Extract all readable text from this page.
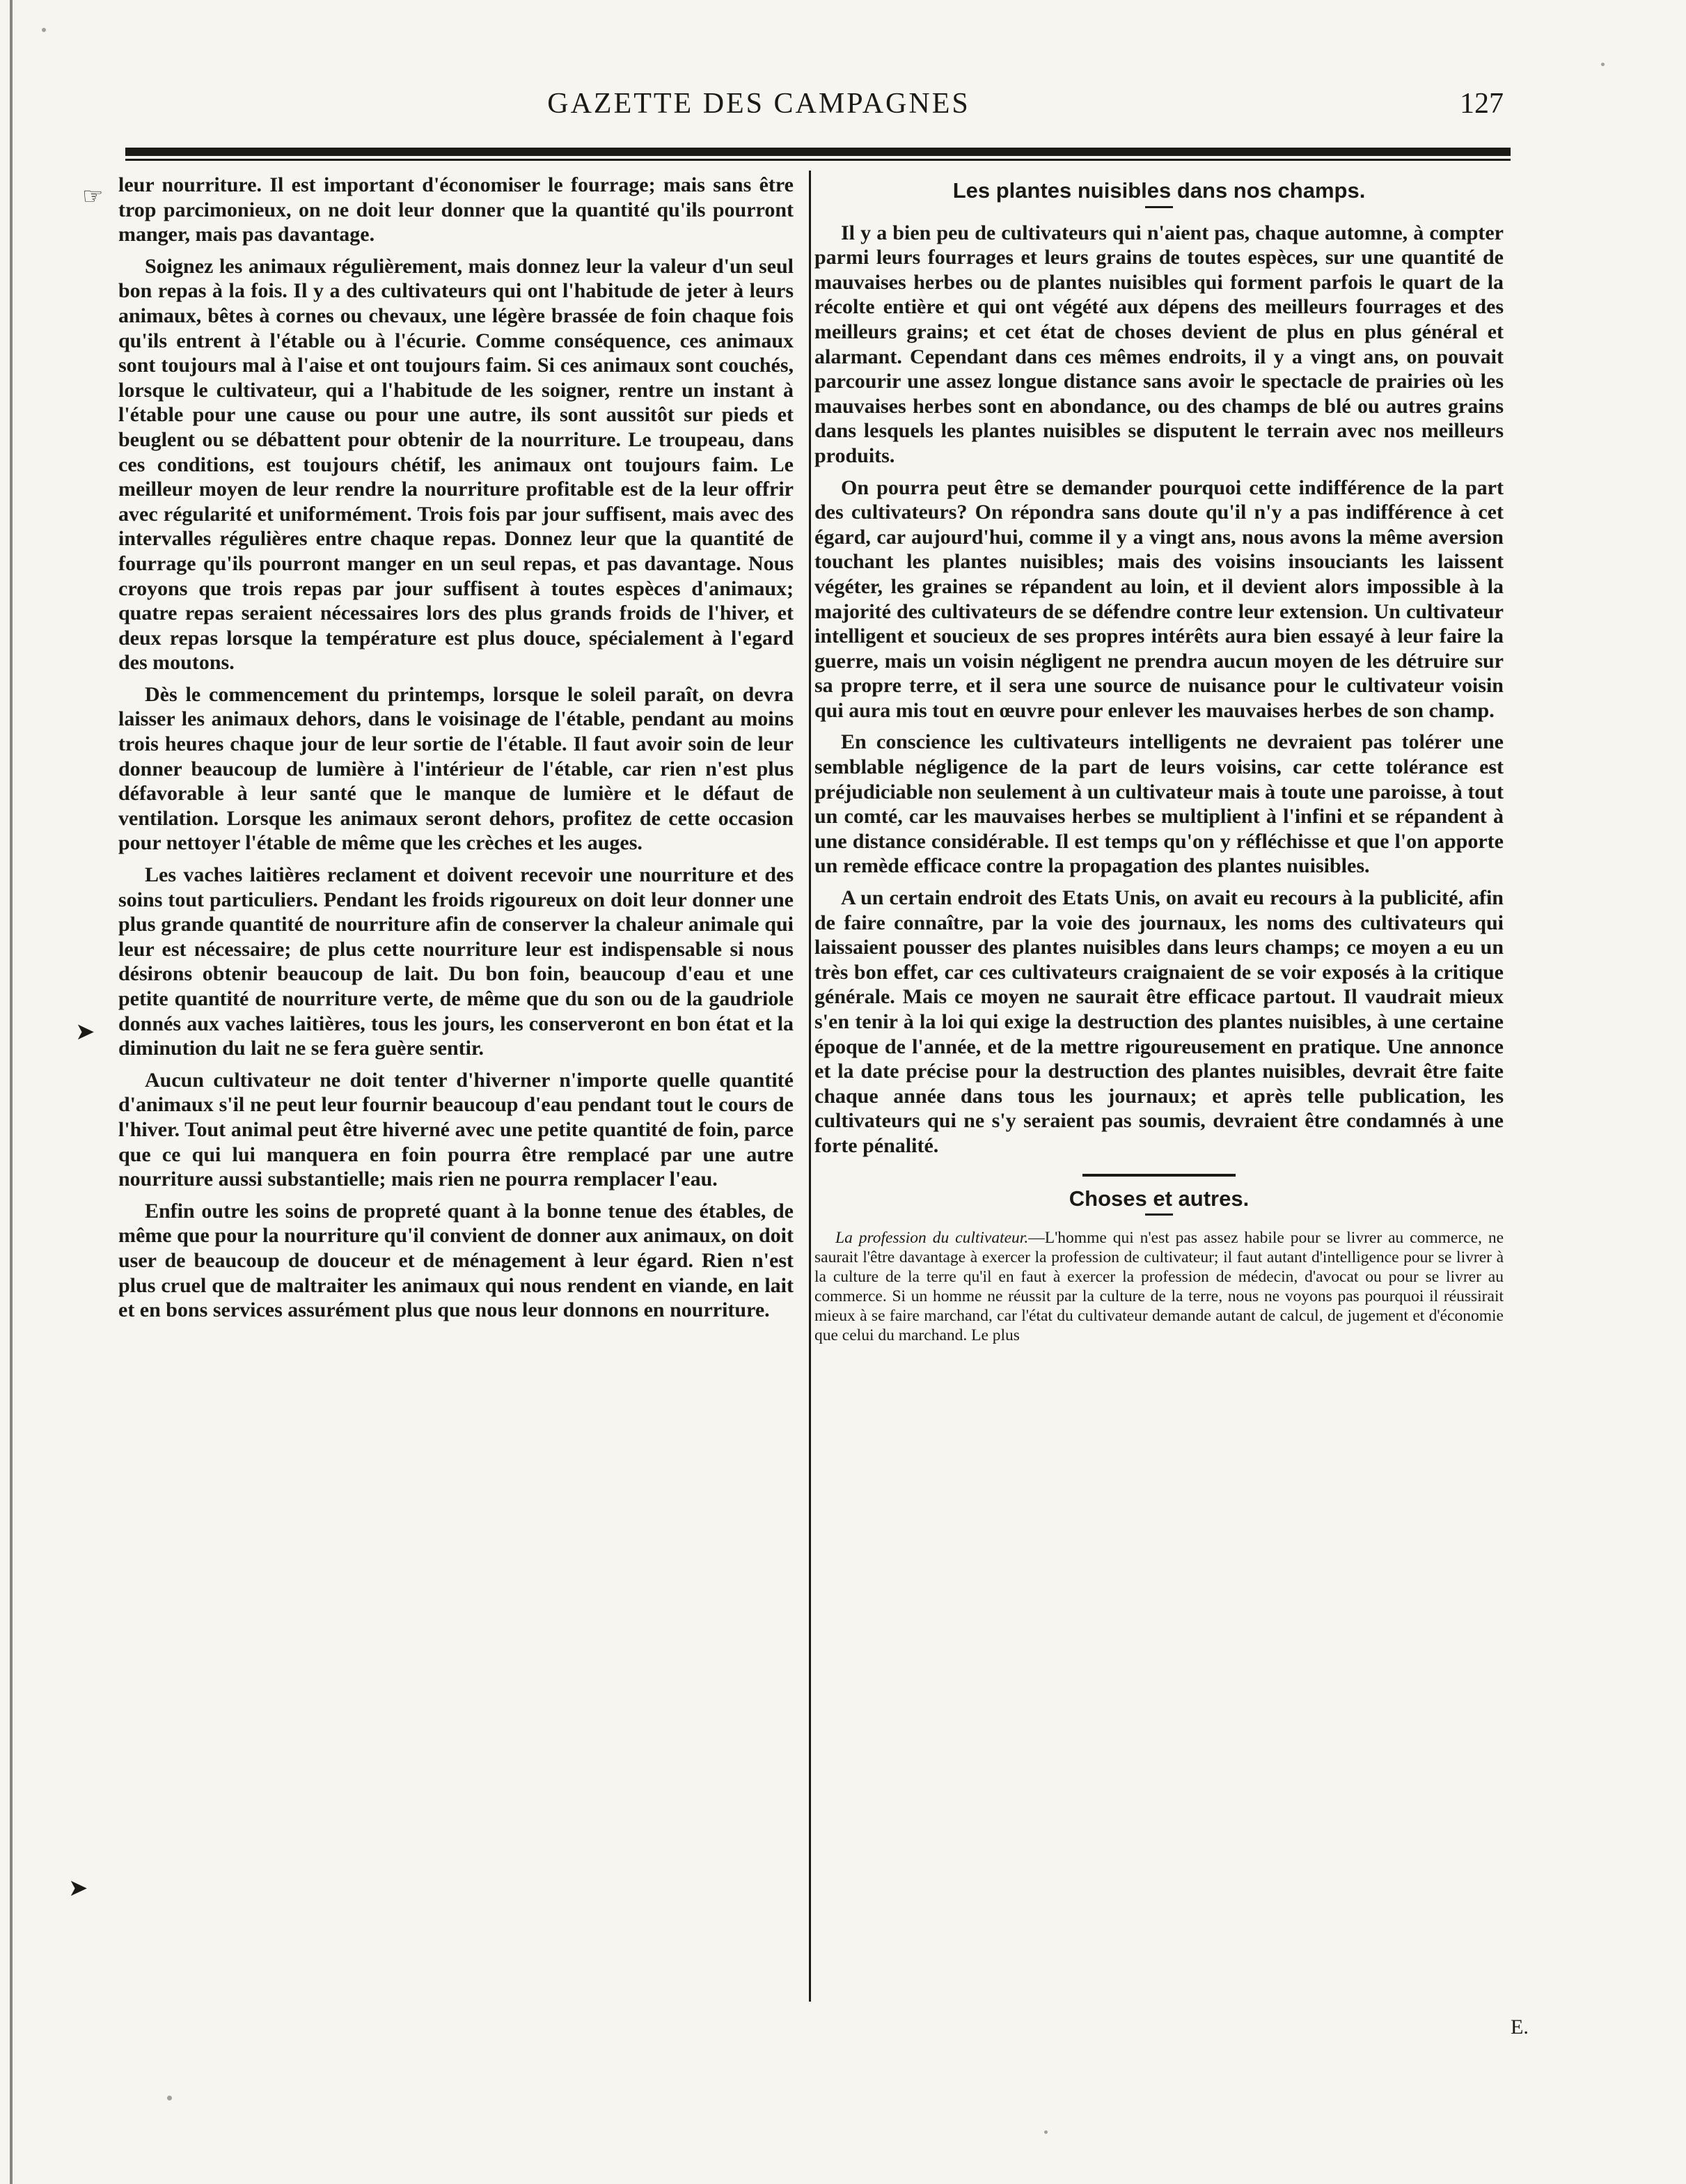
GAZETTE DES CAMPAGNES	127
☞
➤
➤

leur nourriture. Il est important d'économiser le fourrage; mais sans être trop parcimonieux, on ne doit leur donner que la quantité qu'ils pourront manger, mais pas davantage.

Soignez les animaux régulièrement, mais donnez leur la valeur d'un seul bon repas à la fois. Il y a des cultivateurs qui ont l'habitude de jeter à leurs animaux, bêtes à cornes ou chevaux, une légère brassée de foin chaque fois qu'ils entrent à l'étable ou à l'écurie. Comme conséquence, ces animaux sont toujours mal à l'aise et ont toujours faim. Si ces animaux sont couchés, lorsque le cultivateur, qui a l'habitude de les soigner, rentre un instant à l'étable pour une cause ou pour une autre, ils sont aussitôt sur pieds et beuglent ou se débattent pour obtenir de la nourriture. Le troupeau, dans ces conditions, est toujours chétif, les animaux ont toujours faim. Le meilleur moyen de leur rendre la nourriture profitable est de la leur offrir avec régularité et uniformément. Trois fois par jour suffisent, mais avec des intervalles régulières entre chaque repas. Donnez leur que la quantité de fourrage qu'ils pourront manger en un seul repas, et pas davantage. Nous croyons que trois repas par jour suffisent à toutes espèces d'animaux; quatre repas seraient nécessaires lors des plus grands froids de l'hiver, et deux repas lorsque la température est plus douce, spécialement à l'egard des moutons.

Dès le commencement du printemps, lorsque le soleil paraît, on devra laisser les animaux dehors, dans le voisinage de l'étable, pendant au moins trois heures chaque jour de leur sortie de l'étable. Il faut avoir soin de leur donner beaucoup de lumière à l'intérieur de l'étable, car rien n'est plus défavorable à leur santé que le manque de lumière et le défaut de ventilation. Lorsque les animaux seront dehors, profitez de cette occasion pour nettoyer l'étable de même que les crèches et les auges.

Les vaches laitières reclament et doivent recevoir une nourriture et des soins tout particuliers. Pendant les froids rigoureux on doit leur donner une plus grande quantité de nourriture afin de conserver la chaleur animale qui leur est nécessaire; de plus cette nourriture leur est indispensable si nous désirons obtenir beaucoup de lait. Du bon foin, beaucoup d'eau et une petite quantité de nourriture verte, de même que du son ou de la gaudriole donnés aux vaches laitières, tous les jours, les conserveront en bon état et la diminution du lait ne se fera guère sentir.

Aucun cultivateur ne doit tenter d'hiverner n'importe quelle quantité d'animaux s'il ne peut leur fournir beaucoup d'eau pendant tout le cours de l'hiver. Tout animal peut être hiverné avec une petite quantité de foin, parce que ce qui lui manquera en foin pourra être remplacé par une autre nourriture aussi substantielle; mais rien ne pourra remplacer l'eau.

Enfin outre les soins de propreté quant à la bonne tenue des étables, de même que pour la nourriture qu'il convient de donner aux animaux, on doit user de beaucoup de douceur et de ménagement à leur égard. Rien n'est plus cruel que de maltraiter les animaux qui nous rendent en viande, en lait et en bons services assurément plus que nous leur donnons en nourriture.

Les plantes nuisibles dans nos champs.

Il y a bien peu de cultivateurs qui n'aient pas, chaque automne, à compter parmi leurs fourrages et leurs grains de toutes espèces, sur une quantité de mauvaises herbes ou de plantes nuisibles qui forment parfois le quart de la récolte entière et qui ont végété aux dépens des meilleurs fourrages et des meilleurs grains; et cet état de choses devient de plus en plus général et alarmant. Cependant dans ces mêmes endroits, il y a vingt ans, on pouvait parcourir une assez longue distance sans avoir le spectacle de prairies où les mauvaises herbes sont en abondance, ou des champs de blé ou autres grains dans lesquels les plantes nuisibles se disputent le terrain avec nos meilleurs produits.

On pourra peut être se demander pourquoi cette indifférence de la part des cultivateurs? On répondra sans doute qu'il n'y a pas indifférence à cet égard, car aujourd'hui, comme il y a vingt ans, nous avons la même aversion touchant les plantes nuisibles; mais des voisins insouciants les laissent végéter, les graines se répandent au loin, et il devient alors impossible à la majorité des cultivateurs de se défendre contre leur extension. Un cultivateur intelligent et soucieux de ses propres intérêts aura bien essayé à leur faire la guerre, mais un voisin négligent ne prendra aucun moyen de les détruire sur sa propre terre, et il sera une source de nuisance pour le cultivateur voisin qui aura mis tout en œuvre pour enlever les mauvaises herbes de son champ.

En conscience les cultivateurs intelligents ne devraient pas tolérer une semblable négligence de la part de leurs voisins, car cette tolérance est préjudiciable non seulement à un cultivateur mais à toute une paroisse, à tout un comté, car les mauvaises herbes se multiplient à l'infini et se répandent à une distance considérable. Il est temps qu'on y réfléchisse et que l'on apporte un remède efficace contre la propagation des plantes nuisibles.

A un certain endroit des Etats Unis, on avait eu recours à la publicité, afin de faire connaître, par la voie des journaux, les noms des cultivateurs qui laissaient pousser des plantes nuisibles dans leurs champs; ce moyen a eu un très bon effet, car ces cultivateurs craignaient de se voir exposés à la critique générale. Mais ce moyen ne saurait être efficace partout. Il vaudrait mieux s'en tenir à la loi qui exige la destruction des plantes nuisibles, à une certaine époque de l'année, et de la mettre rigoureusement en pratique. Une annonce et la date précise pour la destruction des plantes nuisibles, devrait être faite chaque année dans tous les journaux; et après telle publication, les cultivateurs qui ne s'y seraient pas soumis, devraient être condamnés à une forte pénalité.

Choses et autres.

La profession du cultivateur.—L'homme qui n'est pas assez habile pour se livrer au commerce, ne saurait l'être davantage à exercer la profession de cultivateur; il faut autant d'intelligence pour se livrer à la culture de la terre qu'il en faut à exercer la profession de médecin, d'avocat ou pour se livrer au commerce. Si un homme ne réussit par la culture de la terre, nous ne voyons pas pourquoi il réussirait mieux à se faire marchand, car l'état du cultivateur demande autant de calcul, de jugement et d'économie que celui du marchand. Le plus

E.
